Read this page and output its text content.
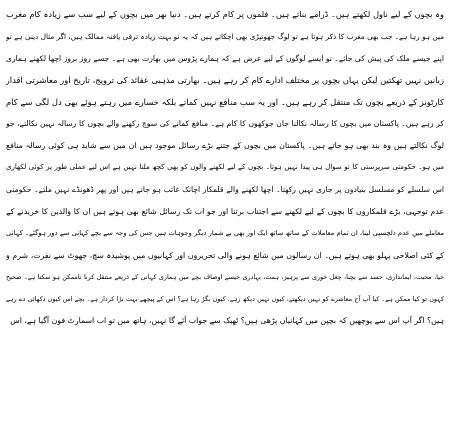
وہ بچوں کے لیے ناول لکھتے ہیں۔ ڈرامے بناتے ہیں۔ فلموں پر کام کرتے ہیں۔ دنیا بھر میں بچوں کے لیے سب سے زیادہ کام مغرب
میں ہو رہا ہے۔ جب بھی مغرب کا ذکر ہوتا ہے تو لوگ جھونپڑی بھی اچکاتے ہیں کہ یہ تو بہت زیادہ ترقی یافتہ ممالک ہیں، اگر مثال دینی ہے تو
اپنے جیسے ملک کی پیش کی جائے۔ تو ایسے لوگوں کے لیے عرض ہے کہ ہمارے پڑوس میں بھارت بھی ہے۔ جسے روز بروز اچھا لکھنے ہماری
زبانیں نہیں تھکتیں لیکن یہاں بچوں پر مختلف ادارے کام کر رہے ہیں۔ بھارتی مذہبی عقائد کی ترویج، تاریخ اور معاشرتی اقدار
کارٹونز کے ذریعے بچوں تک منتقل کر رہے ہیں۔ اور یہ سب منافع نہیں کماتے بلکہ خسارے میں رہتے ہوئے بھی دل لگی سے کام
کر رہے ہیں۔ پاکستان میں بچوں کا رسالہ نکالنا جان جوکھوں کا کام ہے۔ منافع کمانے کی سوچ رکھنے والے بچوں کا رسالہ نہیں نکالتے، جو
لوگ نکالتے ہیں وہ بند بھی ہو جاتے ہیں۔ پاکستان میں بچوں کے جتنے بڑے رسائل موجود ہیں ان میں سے شاید ہی کوئی رسالہ منافع
میں ہو۔ حکومتی سرپرستی کا تو سوال ہی پیدا نہیں ہوتا۔ بچوں کے لیے لکھنے والوں کو بھی کچھ ملتا نہیں ہے اس لیے عملی طور پر کوئی لکھاری
اس سلسلے کو مسلسل بنیادوں پر جاری نہیں رکھتا۔ اچھا لکھنے والے قلمکار اچانک غائب ہو جاتے ہیں اور پھر ڈھونڈے نہیں ملتے۔ حکومتی
عدم توجہی، بڑے قلمکاروں کا بچوں کے لیے لکھنے سے اجتناب برتنا اور جو اب تک رسائل شائع بھی ہوتے ہیں ان کا والدین کا خریدنے کے
معاملے میں عدم دلچسپی لینا، ان تمام معاملات کے ساتھ ساتھ ایک اور بھی بے شمار دیگر وجوہات ہیں جس کی وجہ سے بچے کہانی سے دور ہوگئے۔ کہانی
کے کئی اصلاحی پہلو بھی ہوتے ہیں۔ ان رسالوں میں شائع ہونے والی تحریروں اور کہانیوں میں پوشیدہ سچ، جھوٹ سے نفرت، شرم و
حیا، محبت، ایمانداری، حسد سے بچنا، چغل خوری سے پرہیز، ہمت، بہادری جیسے اوصاف بچے میں ہماری کہانی کے ذریعے منتقل کرنا ناممکن ہو سکتا ہے۔ صحیح
کہوں تو کیا ممکن ہے۔ کیا آپ آج معاشرے کو نہیں دیکھتے، کیوں نہیں دیکھ رہے، کیوں بگڑ رہا ہے؟ اس کے پیچھے بہت بڑا کردار ہے۔ بچے اس کیوں دکھائی دے رہے
ہیں؟ اگر آپ اس سے پوچھیں کہ بچپن میں کہانیاں پڑھی ہیں؟ ٹھیک سے جواب آئے گا نہیں، ہاتھ میں تو اب اسمارٹ فون آگیا ہے، اس
